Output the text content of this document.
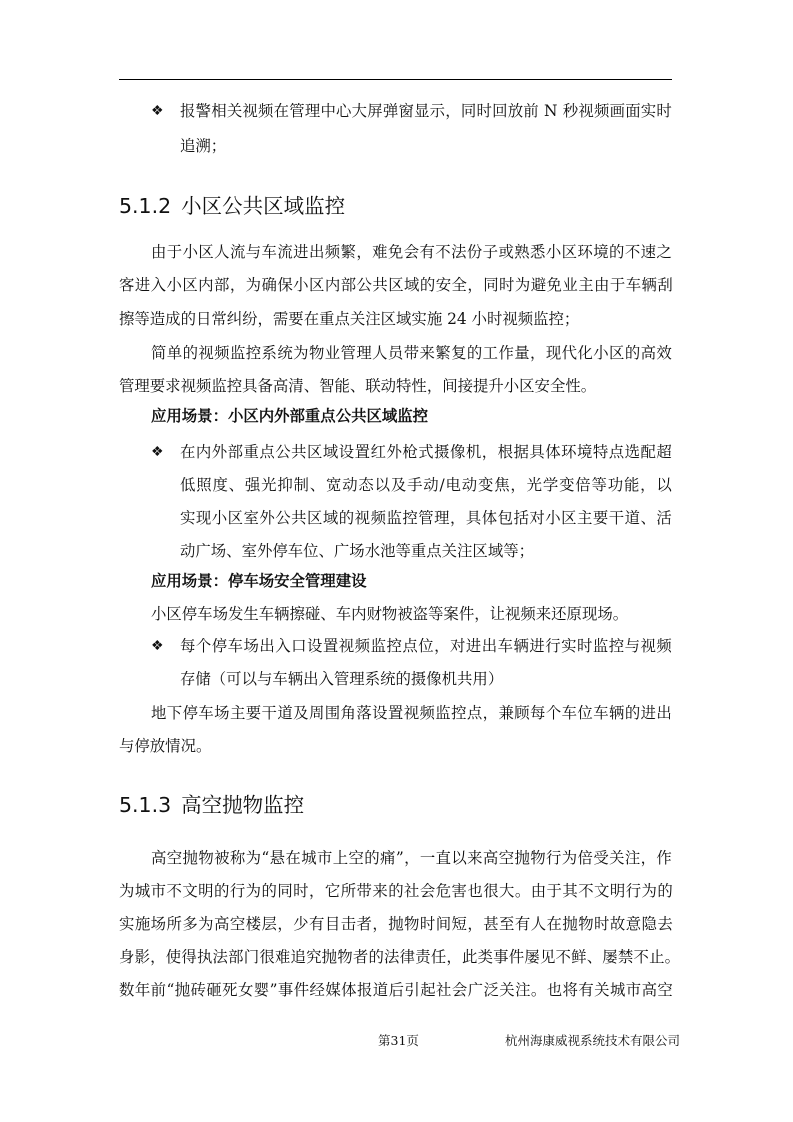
❖ 报警相关视频在管理中心大屏弹窗显示，同时回放前 N 秒视频画面实时
追溯；
5.1.2 小区公共区域监控
由于小区人流与车流进出频繁，难免会有不法份子或熟悉小区环境的不速之
客进入小区内部，为确保小区内部公共区域的安全，同时为避免业主由于车辆刮
擦等造成的日常纠纷，需要在重点关注区域实施 24 小时视频监控；
简单的视频监控系统为物业管理人员带来繁复的工作量，现代化小区的高效
管理要求视频监控具备高清、智能、联动特性，间接提升小区安全性。
应用场景：小区内外部重点公共区域监控
❖ 在内外部重点公共区域设置红外枪式摄像机，根据具体环境特点选配超
低照度、强光抑制、宽动态以及手动/电动变焦，光学变倍等功能，以
实现小区室外公共区域的视频监控管理，具体包括对小区主要干道、活
动广场、室外停车位、广场水池等重点关注区域等；
应用场景：停车场安全管理建设
小区停车场发生车辆擦碰、车内财物被盗等案件，让视频来还原现场。
❖ 每个停车场出入口设置视频监控点位，对进出车辆进行实时监控与视频
存储（可以与车辆出入管理系统的摄像机共用）
地下停车场主要干道及周围角落设置视频监控点，兼顾每个车位车辆的进出
与停放情况。
5.1.3 高空抛物监控
高空抛物被称为“悬在城市上空的痛”，一直以来高空抛物行为倍受关注，作
为城市不文明的行为的同时，它所带来的社会危害也很大。由于其不文明行为的
实施场所多为高空楼层，少有目击者，抛物时间短，甚至有人在抛物时故意隐去
身影，使得执法部门很难追究抛物者的法律责任，此类事件屡见不鲜、屡禁不止。
数年前“抛砖砸死女婴”事件经媒体报道后引起社会广泛关注。也将有关城市高空
第31页	杭州海康威视系统技术有限公司
